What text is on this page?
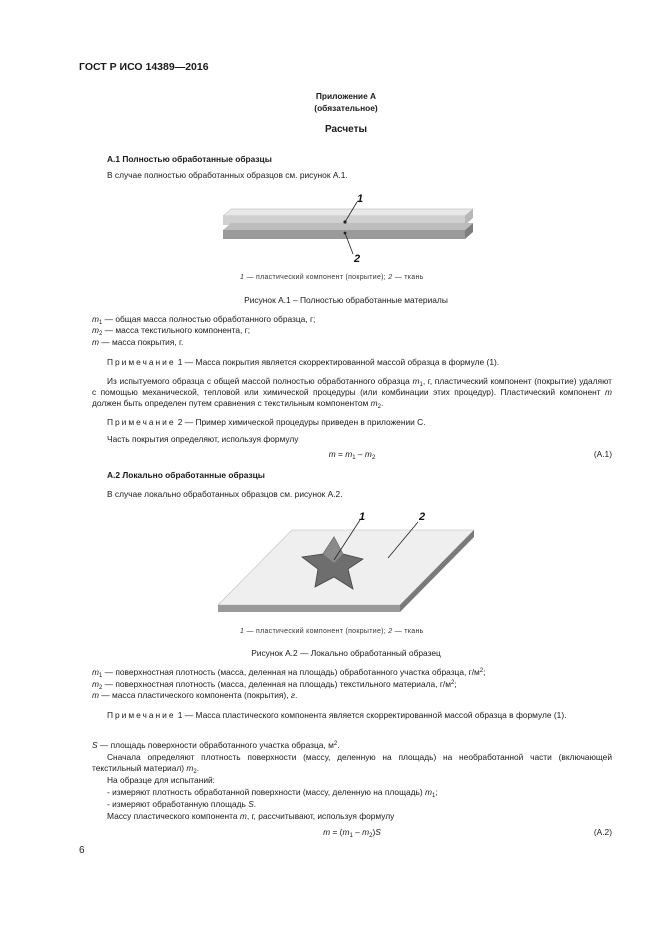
ГОСТ Р ИСО 14389—2016
Приложение А
(обязательное)
Расчеты
А.1 Полностью обработанные образцы
В случае полностью обработанных образцов см. рисунок А.1.
1
2
1 — пластический компонент (покрытие); 2 — ткань
Рисунок А.1 – Полностью обработанные материалы
$m_1$ — общая масса полностью обработанного образца, г;
$m_2$ — масса текстильного компонента, г;
m — масса покрытия, г.
Примечание 1 — Масса покрытия является скорректированной массой образца в формуле (1).
Из испытуемого образца с общей массой полностью обработанного образца $m_1$, г, пластический компонент (покрытие) удаляют с помощью механической, тепловой или химической процедуры (или комбинации этих процедур). Пластический компонент m должен быть определен путем сравнения с текстильным компонентом $m_2$.
Примечание 2 — Пример химической процедуры приведен в приложении С.
Часть покрытия определяют, используя формулу
$m = m_1 - m_2$	(А.1)
А.2 Локально обработанные образцы
В случае локально обработанных образцов см. рисунок А.2.
1	2
1 — пластический компонент (покрытие); 2 — ткань
Рисунок А.2 — Локально обработанный образец
$m_1$ — поверхностная плотность (масса, деленная на площадь) обработанного участка образца, $г/м^2$;
$m_2$ — поверхностная плотность (масса, деленная на площадь) текстильного материала, $г/м^2$;
m — масса пластического компонента (покрытия), г.
Примечание 1 — Масса пластического компонента является скорректированной массой образца в формуле (1).
S — площадь поверхности обработанного участка образца, $м^2$.
Сначала определяют плотность поверхности (массу, деленную на площадь) на необработанной части (включающей текстильный материал) $m_2$.
На образце для испытаний:
- измеряют плотность обработанной поверхности (массу, деленную на площадь) $m_1$;
- измеряют обработанную площадь S.
Массу пластического компонента m, г, рассчитывают, используя формулу
$m = (m_1 - m_2)S$	(А.2)
6
